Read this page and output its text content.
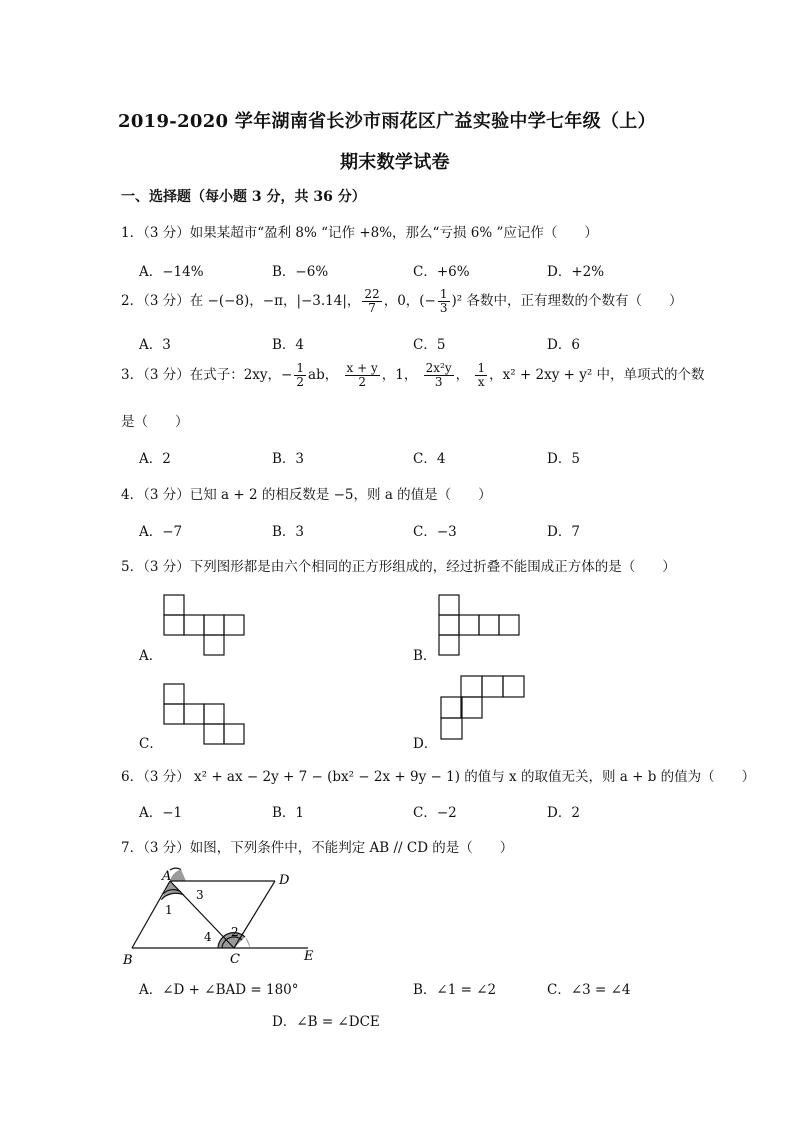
2019-2020 学年湖南省长沙市雨花区广益实验中学七年级（上）
期末数学试卷
一、选择题（每小题 3 分，共 36 分）
1．（3 分）如果某超市“盈利 8% “记作 +8%，那么“亏损 6% ”应记作（　　）
A．−14%	B．−6%	C．+6%	D．+2%
2．（3 分）在 −(−8)，−π，|−3.14|， $\frac{22}{7}$ ，0，(− $\frac{1}{3} )^2$ 各数中，正有理数的个数有（　　）
A．3	B．4	C．5	D．6
3．（3 分）在式子：2xy，− $\frac{1}{2}$ ab， $\frac{x + y}{2}$ ，1， $\frac{\text{2x²y}}{3}$ ， $\frac{1}{x}$ ，x² + 2xy + y² 中，单项式的个数
是（　　）
A．2	B．3	C．4	D．5
4．（3 分）已知 a + 2 的相反数是 −5，则 a 的值是（　　）
A．−7	B．3	C．−3	D．7
5．（3 分）下列图形都是由六个相同的正方形组成的，经过折叠不能围成正方体的是（　　）
A．	B．
C．	D．
6．（3 分） x² + ax − 2y + 7 − (bx² − 2x + 9y − 1) 的值与 x 的取值无关，则 a + b 的值为（　　）
A．−1	B．1	C．−2	D．2
7．（3 分）如图，下列条件中，不能判定 AB // CD 的是（　　）
A	D
B	C	E
1
2
3
4
A．∠D + ∠BAD = 180°	B．∠1 = ∠2	C．∠3 = ∠4
D．∠B = ∠DCE
